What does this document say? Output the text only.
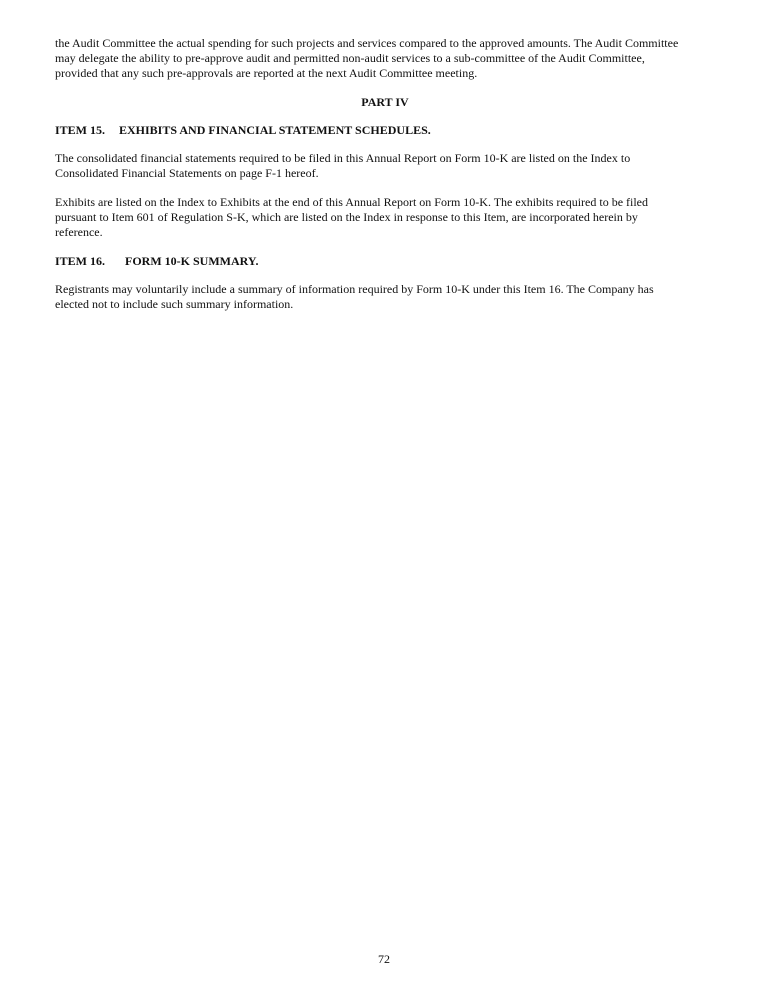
the Audit Committee the actual spending for such projects and services compared to the approved amounts. The Audit Committee
may delegate the ability to pre-approve audit and permitted non-audit services to a sub-committee of the Audit Committee,
provided that any such pre-approvals are reported at the next Audit Committee meeting.

PART IV

ITEM 15. EXHIBITS AND FINANCIAL STATEMENT SCHEDULES.

The consolidated financial statements required to be filed in this Annual Report on Form 10-K are listed on the Index to
Consolidated Financial Statements on page F-1 hereof.

Exhibits are listed on the Index to Exhibits at the end of this Annual Report on Form 10-K. The exhibits required to be filed
pursuant to Item 601 of Regulation S-K, which are listed on the Index in response to this Item, are incorporated herein by
reference.

ITEM 16. FORM 10-K SUMMARY.

Registrants may voluntarily include a summary of information required by Form 10-K under this Item 16. The Company has
elected not to include such summary information.

72
